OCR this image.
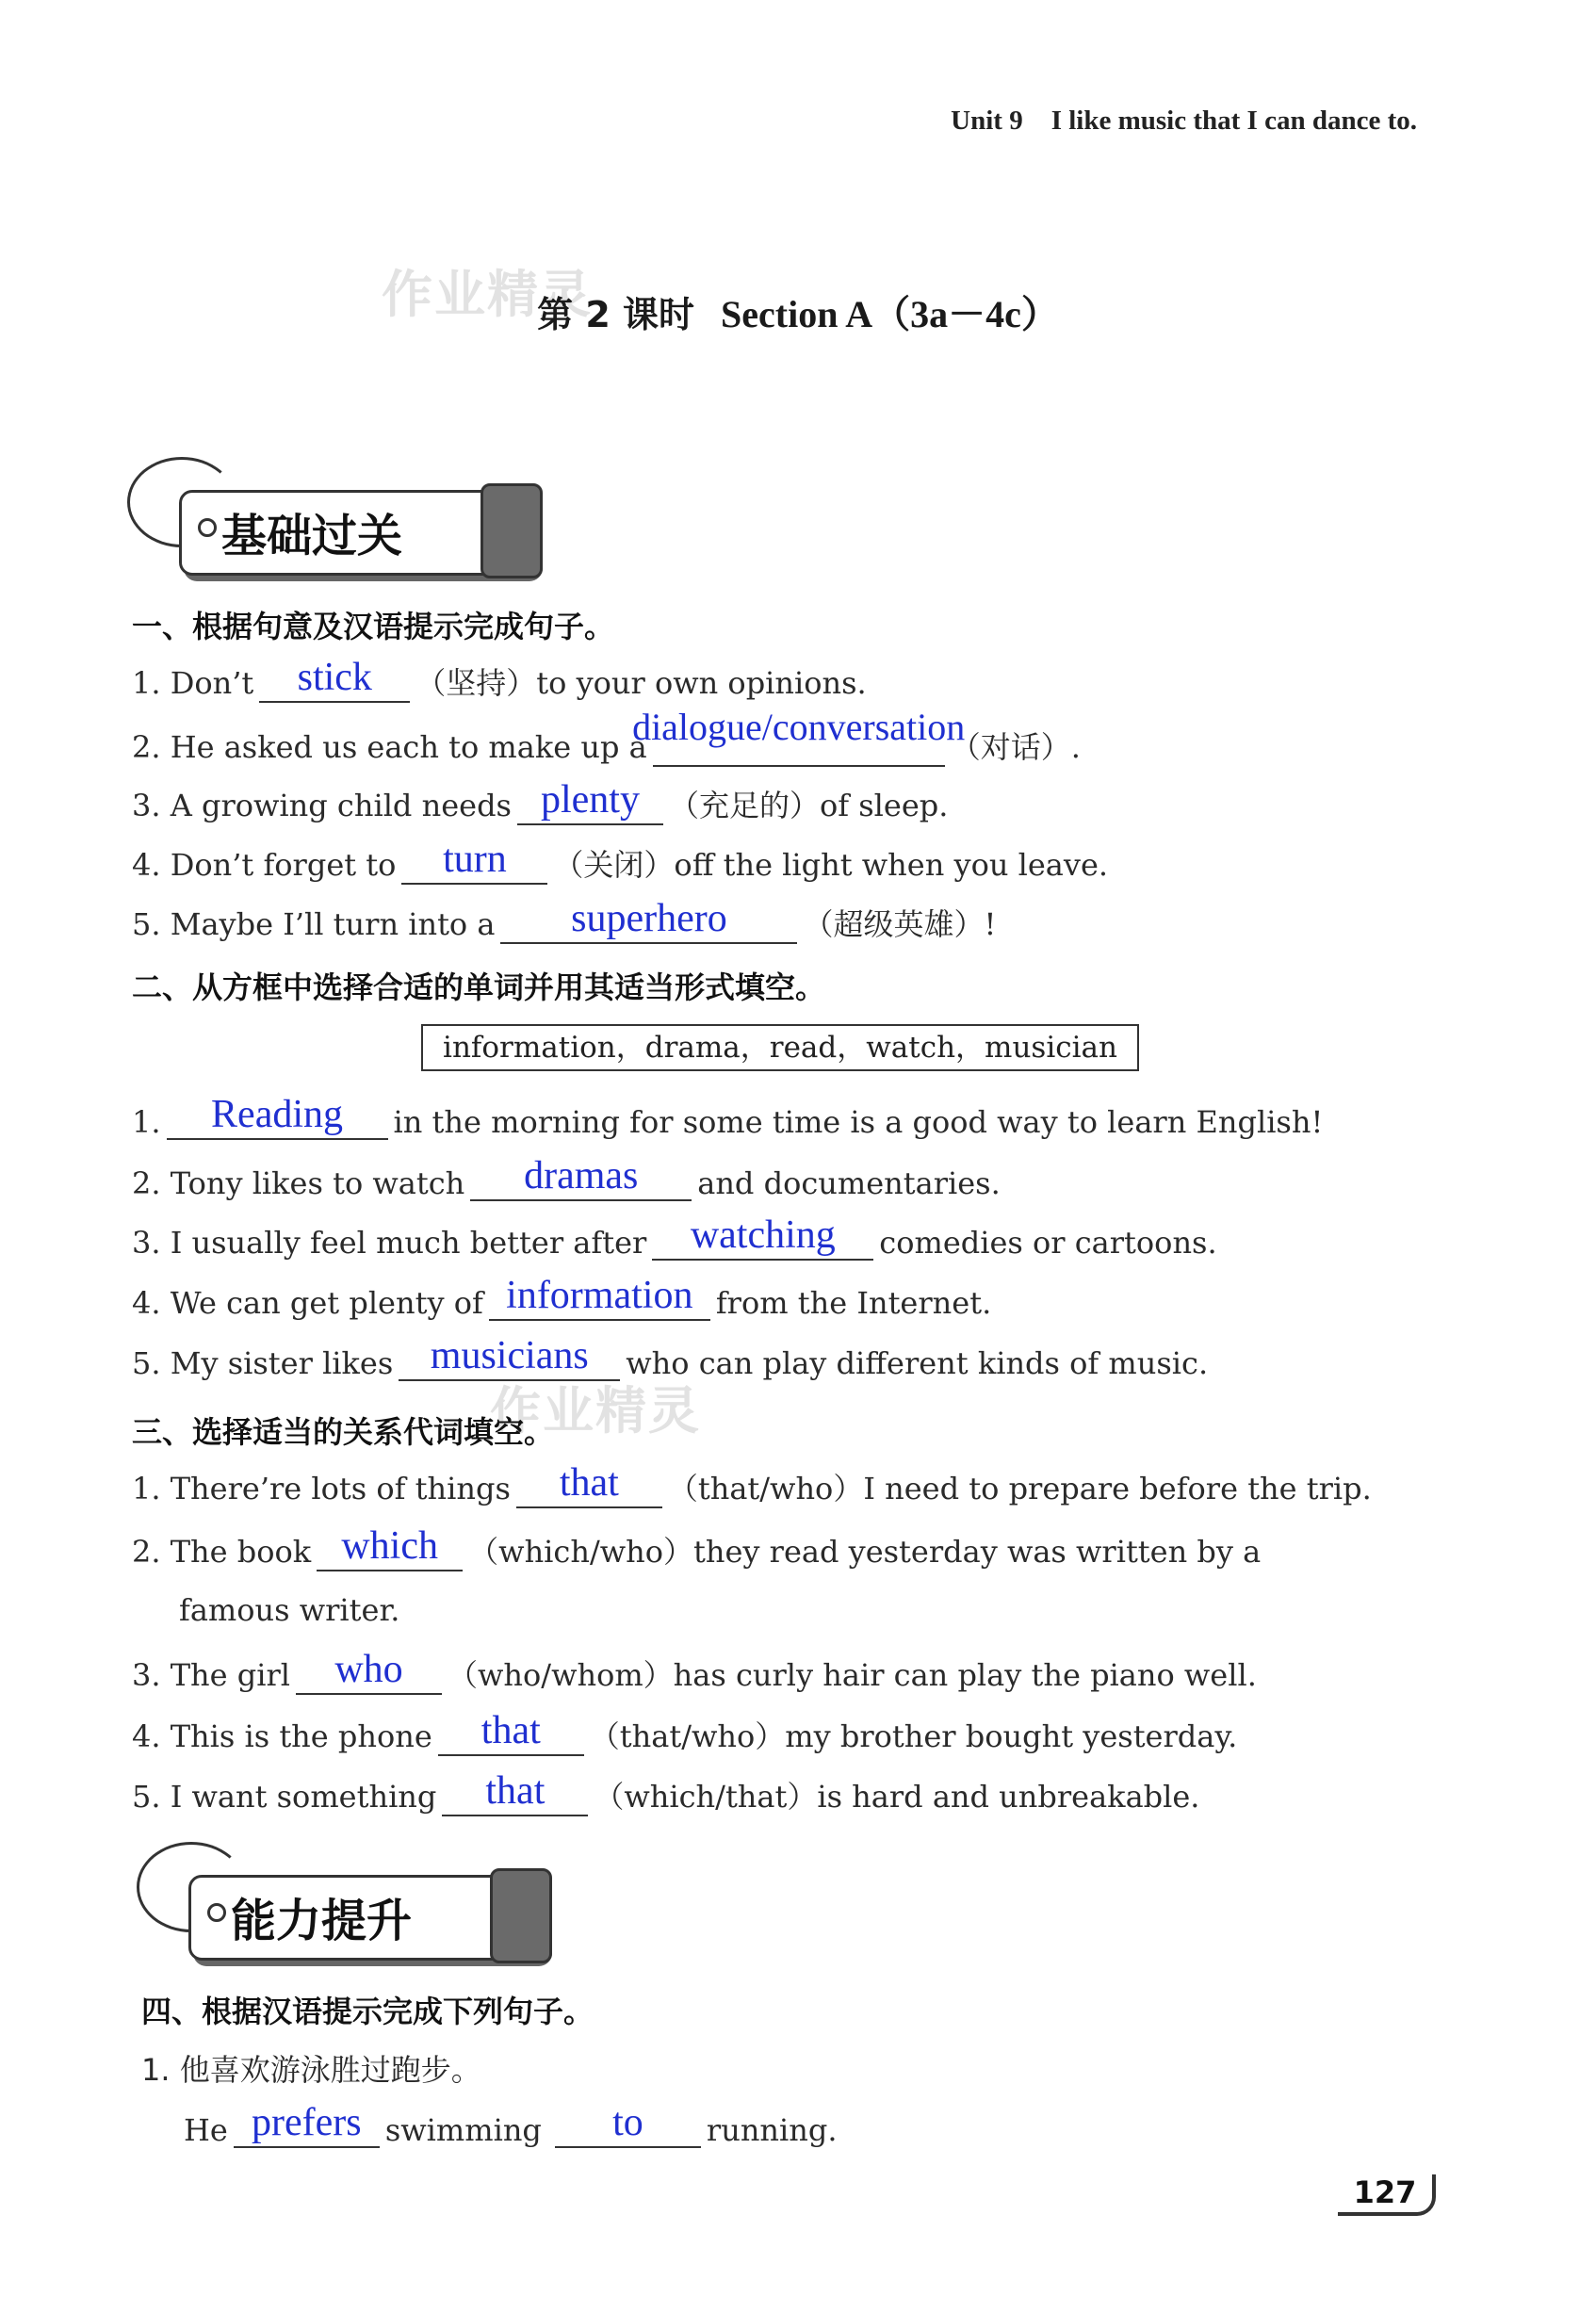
Unit 9 I like music that I can dance to.
作业精灵
第 2 课时 Section A（3a－4c）
基础过关
一、根据句意及汉语提示完成句子。
1. Don’t	stick	（坚持）to your own opinions.
2. He asked us each to make up a
dialogue/conversation
（对话）.
3. A growing child needs plenty （充足的）of sleep.
4. Don’t forget to	turn	（关闭）off the light when you leave.
5. Maybe I’ll turn into a	superhero	（超级英雄）!
二、从方框中选择合适的单词并用其适当形式填空。
information，drama，read，watch，musician
1.	Reading	in the morning for some time is a good way to learn English!
2. Tony likes to watch	dramas	and documentaries.
3. I usually feel much better after	watching	comedies or cartoons.
4. We can get plenty of information from the Internet.
5. My sister likes musicians	who can play different kinds of music.
作业精灵
三、选择适当的关系代词填空。
1. There’re lots of things	that	（that/who）I need to prepare before the trip.
2. The book which	（which/who）they read yesterday was written by a
famous writer.
3. The girl	who	（who/whom）has curly hair can play the piano well.
4. This is the phone	that	（that/who）my brother bought yesterday.
5. I want something	that	（which/that）is hard and unbreakable.
能力提升
四、根据汉语提示完成下列句子。
1. 他喜欢游泳胜过跑步。
He prefers swimming	to	running.
127
